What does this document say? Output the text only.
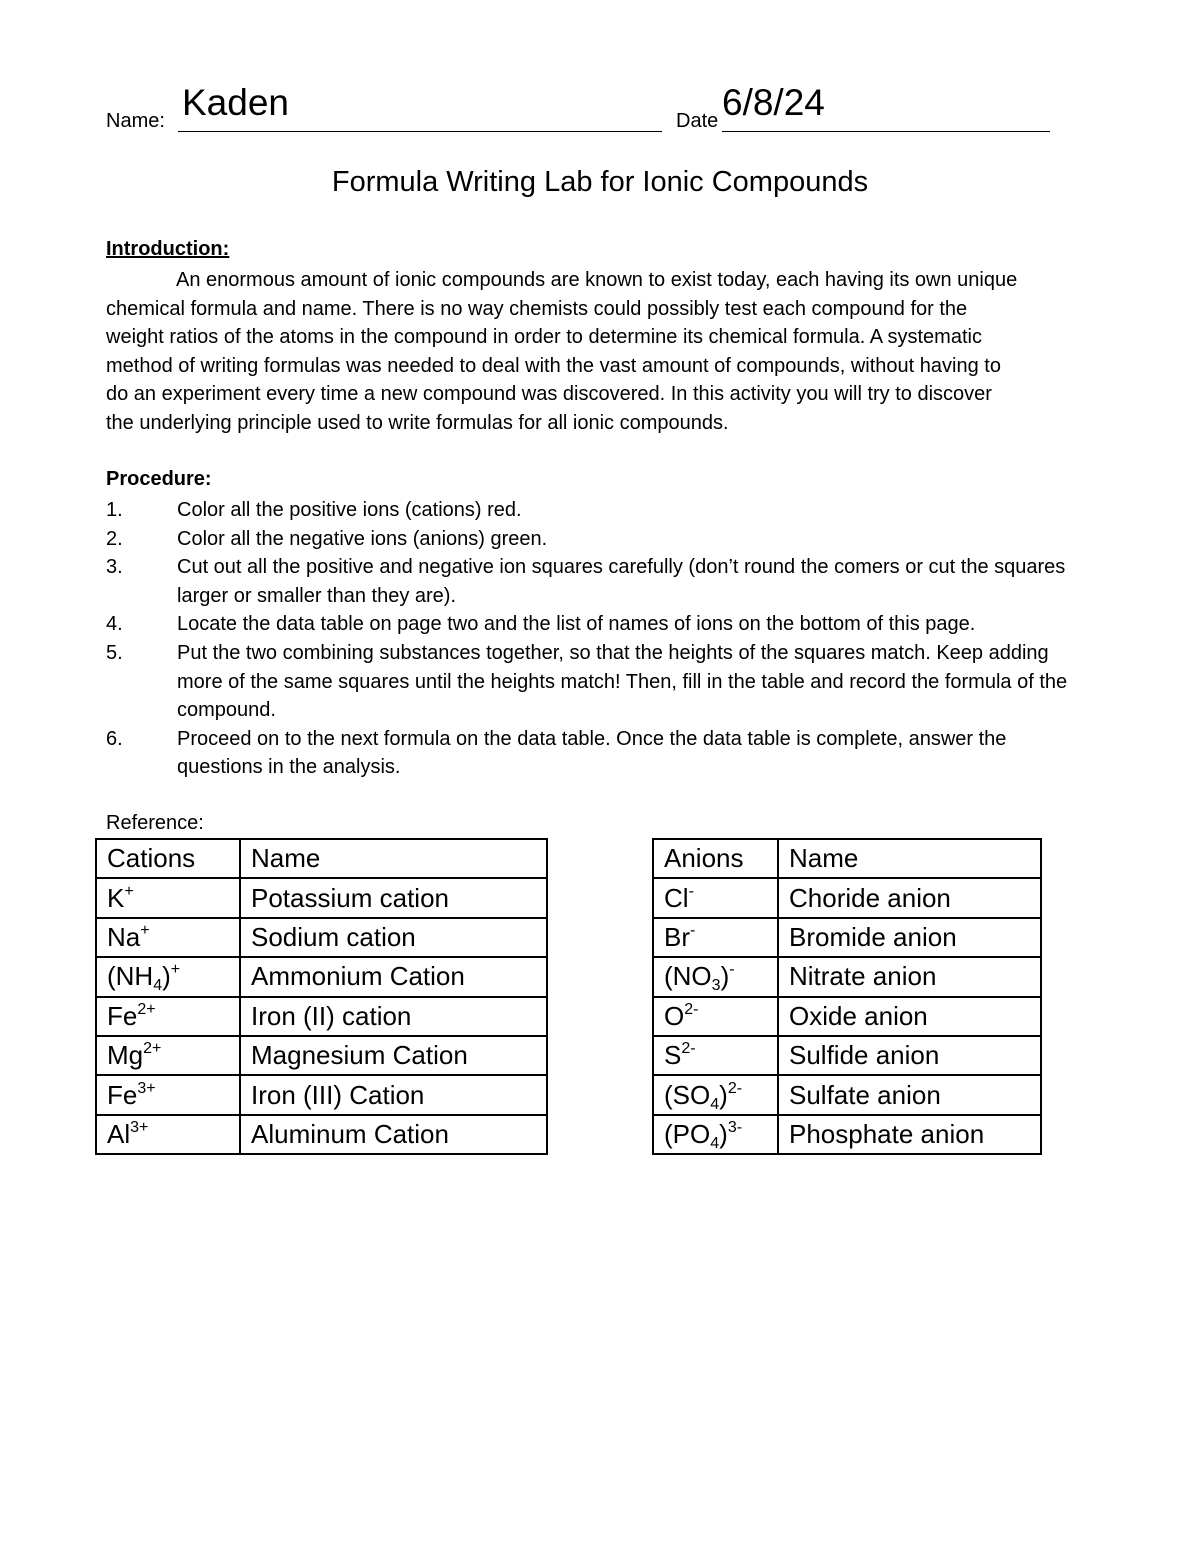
Name: Kaden	Date 6/8/24
Formula Writing Lab for Ionic Compounds
Introduction:
An enormous amount of ionic compounds are known to exist today, each having its own unique
chemical formula and name. There is no way chemists could possibly test each compound for the
weight ratios of the atoms in the compound in order to determine its chemical formula. A systematic
method of writing formulas was needed to deal with the vast amount of compounds, without having to
do an experiment every time a new compound was discovered. In this activity you will try to discover
the underlying principle used to write formulas for all ionic compounds.
Procedure:
1.	Color all the positive ions (cations) red.
2.	Color all the negative ions (anions) green.
3.	Cut out all the positive and negative ion squares carefully (don’t round the comers or cut the squares larger or smaller than they are).
4.	Locate the data table on page two and the list of names of ions on the bottom of this page.
5.	Put the two combining substances together, so that the heights of the squares match. Keep adding more of the same squares until the heights match! Then, fill in the table and record the formula of the compound.
6.	Proceed on to the next formula on the data table. Once the data table is complete, answer the questions in the analysis.
Reference:
Cations	Name
K+	Potassium cation
Na+	Sodium cation
(NH4)+	Ammonium Cation
$Fe^{2+}$	Iron (II) cation
$Mg^{2+}$	Magnesium Cation
$Fe^{3+}$	Iron (III) Cation
$Al^{3+}$	Aluminum Cation
Anions	Name
Cl-	Choride anion
Br-	Bromide anion
(NO3)-	Nitrate anion
$O^{2-}$	Oxide anion
$S^{2-}$	Sulfide anion
$(SO4)^{2-}$	Sulfate anion
$(PO4)^{3-}$	Phosphate anion
